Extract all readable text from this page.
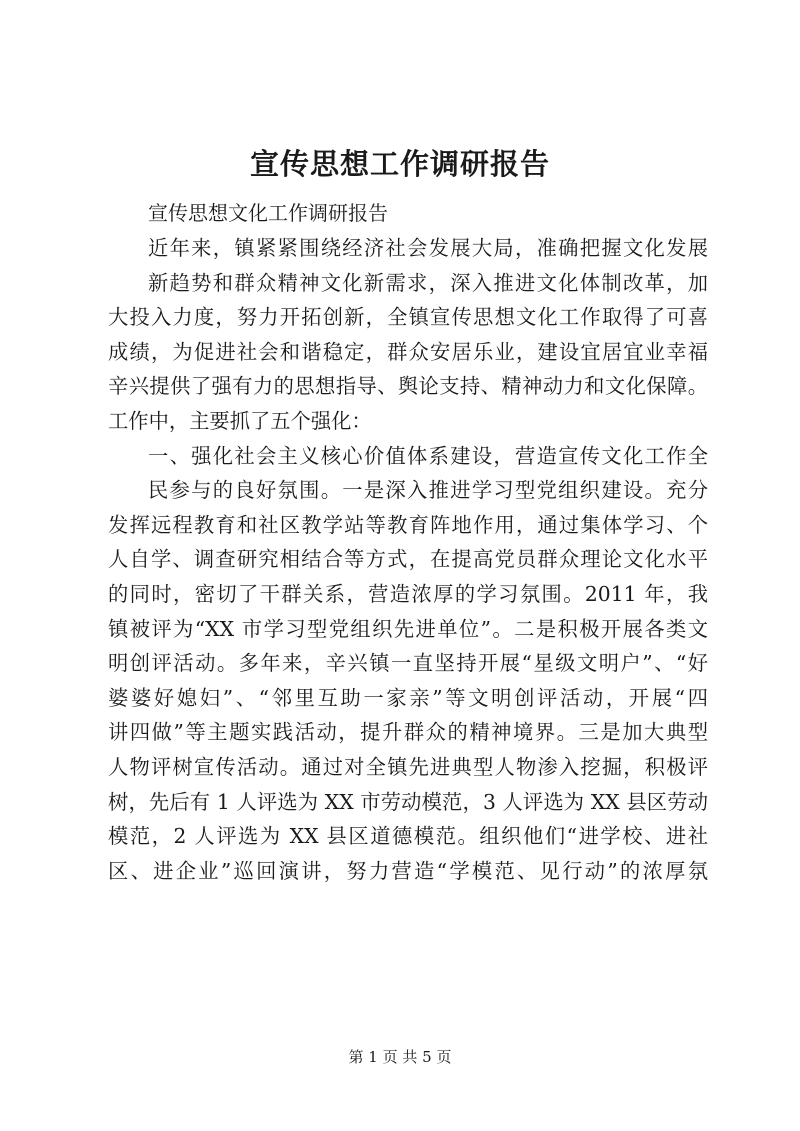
宣传思想工作调研报告
宣传思想文化工作调研报告
近年来，镇紧紧围绕经济社会发展大局，准确把握文化发展
新趋势和群众精神文化新需求，深入推进文化体制改革，加
大投入力度，努力开拓创新，全镇宣传思想文化工作取得了可喜
成绩，为促进社会和谐稳定，群众安居乐业，建设宜居宜业幸福
辛兴提供了强有力的思想指导、舆论支持、精神动力和文化保障。
工作中，主要抓了五个强化：
一、强化社会主义核心价值体系建设，营造宣传文化工作全
民参与的良好氛围。一是深入推进学习型党组织建设。充分
发挥远程教育和社区教学站等教育阵地作用，通过集体学习、个
人自学、调查研究相结合等方式，在提高党员群众理论文化水平
的同时，密切了干群关系，营造浓厚的学习氛围。2011 年，我
镇被评为“XX 市学习型党组织先进单位”。二是积极开展各类文
明创评活动。多年来，辛兴镇一直坚持开展“星级文明户”、“好
婆婆好媳妇”、“邻里互助一家亲”等文明创评活动，开展“四
讲四做”等主题实践活动，提升群众的精神境界。三是加大典型
人物评树宣传活动。通过对全镇先进典型人物渗入挖掘，积极评
树，先后有 1 人评选为 XX 市劳动模范，3 人评选为 XX 县区劳动
模范，2 人评选为 XX 县区道德模范。组织他们“进学校、进社
区、进企业”巡回演讲，努力营造“学模范、见行动”的浓厚氛
第 1 页 共 5 页
